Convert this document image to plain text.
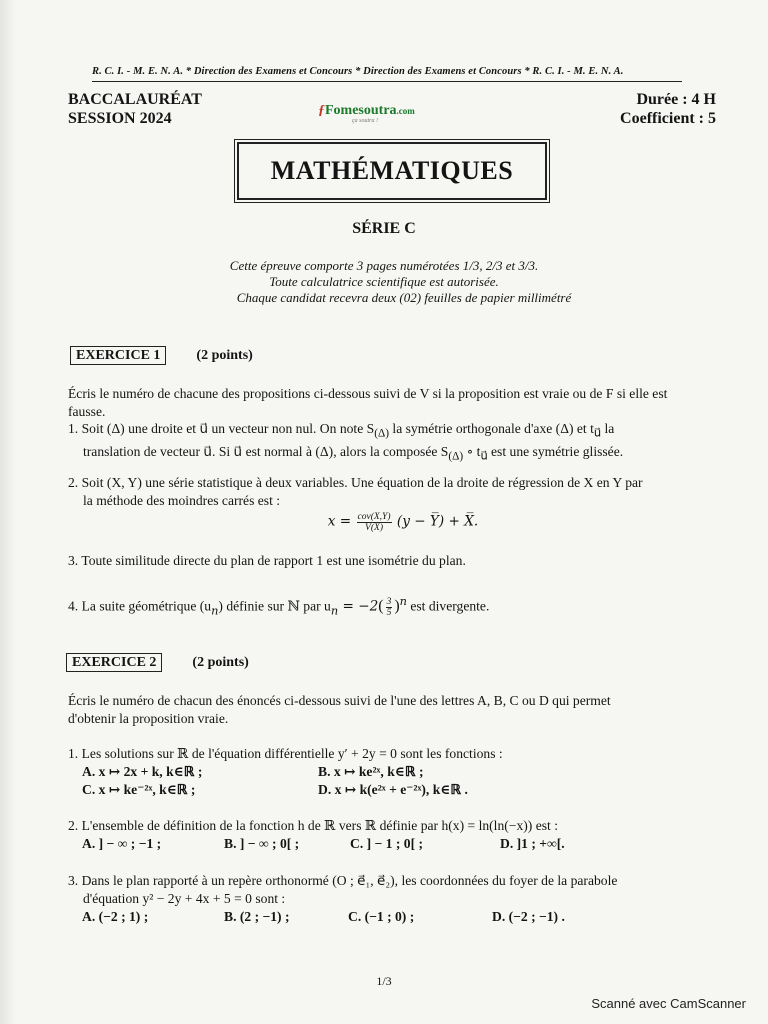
R. C. I. - M. E. N. A. * Direction des Examens et Concours * Direction des Examens et Concours * R. C. I. - M. E. N. A.
BACCALAURÉAT
SESSION 2024	ƒFomesoutra.com
ça soutra !
Durée : 4 H
Coefficient : 5
MATHÉMATIQUES
SÉRIE C
Cette épreuve comporte 3 pages numérotées 1/3, 2/3 et 3/3.
Toute calculatrice scientifique est autorisée.
Chaque candidat recevra deux (02) feuilles de papier millimétré
EXERCICE 1	(2 points)
Écris le numéro de chacune des propositions ci-dessous suivi de V si la proposition est vraie ou de F si elle est fausse.
1. Soit (Δ) une droite et u⃗ un vecteur non nul. On note $S_{(\Delta)}$ la symétrie orthogonale d'axe (Δ) et $t_{u⃗}$ la
translation de vecteur u⃗. Si u⃗ est normal à (Δ), alors la composée $S_{(\Delta)}$ ∘ $t_{u⃗}$ est une symétrie glissée.
2. Soit (X, Y) une série statistique à deux variables. Une équation de la droite de régression de X en Y par
la méthode des moindres carrés est :
$x = \frac{\text{cov(X,Y)}}{V(X)} (y$ − Y̅) + X̅.
3. Toute similitude directe du plan de rapport 1 est une isométrie du plan.
4. La suite géométrique $(u_n)$ définie sur ℕ par $u_n = -2( \frac{3}{5} )^n$ est divergente.
EXERCICE 2	(2 points)
Écris le numéro de chacun des énoncés ci-dessous suivi de l'une des lettres A, B, C ou D qui permet
d'obtenir la proposition vraie.
1. Les solutions sur ℝ de l'équation différentielle y′ + 2y = 0 sont les fonctions :
A. x ↦ 2x + k, k∈ℝ ;	B. x ↦ ke²ˣ, k∈ℝ ;
C. x ↦ ke⁻²ˣ, k∈ℝ ;	D. x ↦ k(e²ˣ + e⁻²ˣ), k∈ℝ .
2. L'ensemble de définition de la fonction h de ℝ vers ℝ définie par h(x) = ln(ln(−x)) est :
A. ] − ∞ ; −1 ;	B. ] − ∞ ; 0[ ;	C. ] − 1 ; 0[ ;	D. ]1 ; +∞[.
3. Dans le plan rapporté à un repère orthonormé (O ; e⃗₁, e⃗₂), les coordonnées du foyer de la parabole
d'équation y² − 2y + 4x + 5 = 0 sont :
A. (−2 ; 1) ;	B. (2 ; −1) ;	C. (−1 ; 0) ;	D. (−2 ; −1) .
1/3
Scanné avec CamScanner
